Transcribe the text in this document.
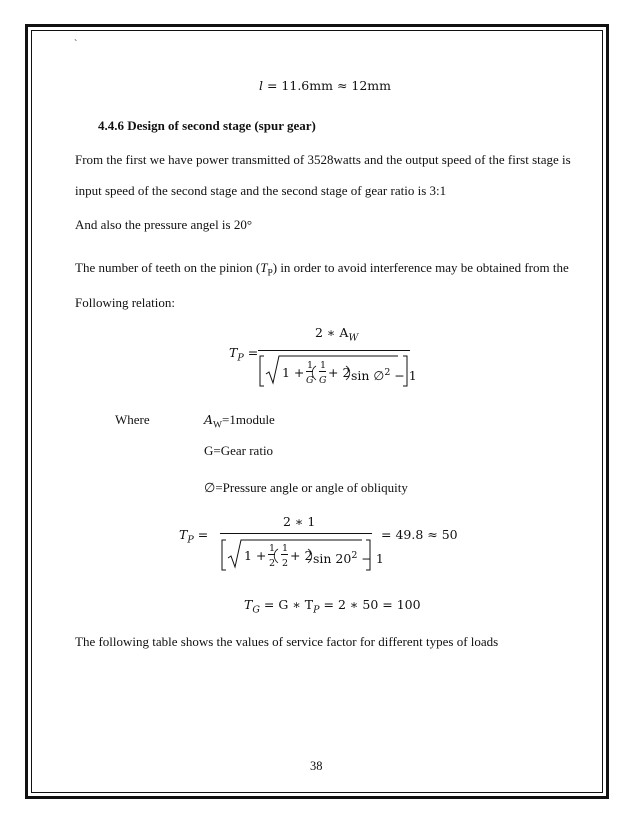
`
l = 11.6mm ≈ 12mm
4.4.6 Design of second stage (spur gear)
From the first we have power transmitted of 3528watts and the output speed of the first stage is
input speed of the second stage and the second stage of gear ratio is 3:1
And also the pressure angel is 20°
The number of teeth on the pinion $(T_P)$ in order to avoid interference may be obtained from the
Following relation:
$T_P$ =
2 ∗ $A_W$
1 + 1
G
1
G
+ 2 sin ∅$^2$ − 1
Where	$A_W=1module$
G=Gear ratio
∅=Pressure angle or angle of obliquity
$T_P$ =
2 ∗ 1
1 + 1
2
1
2
+ 2 $\sin 20^2 - 1$
= 49.8 ≈ 50
$T_G = G$ ∗ $T_P = 2$ ∗ 50 = 100
The following table shows the values of service factor for different types of loads
38
